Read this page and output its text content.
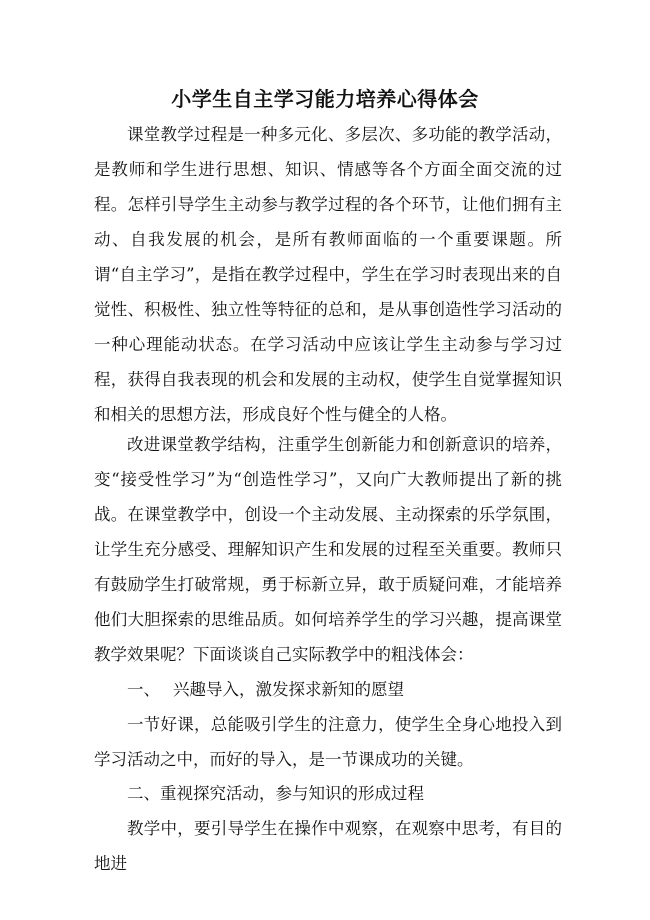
小学生自主学习能力培养心得体会

课堂教学过程是一种多元化、多层次、多功能的教学活动，是教师和学生进行思想、知识、情感等各个方面全面交流的过程。怎样引导学生主动参与教学过程的各个环节，让他们拥有主动、自我发展的机会，是所有教师面临的一个重要课题。所谓“自主学习”，是指在教学过程中，学生在学习时表现出来的自觉性、积极性、独立性等特征的总和，是从事创造性学习活动的一种心理能动状态。在学习活动中应该让学生主动参与学习过程，获得自我表现的机会和发展的主动权，使学生自觉掌握知识和相关的思想方法，形成良好个性与健全的人格。

改进课堂教学结构，注重学生创新能力和创新意识的培养，变“接受性学习”为“创造性学习”，又向广大教师提出了新的挑战。在课堂教学中，创设一个主动发展、主动探索的乐学氛围，让学生充分感受、理解知识产生和发展的过程至关重要。教师只有鼓励学生打破常规，勇于标新立异，敢于质疑问难，才能培养他们大胆探索的思维品质。如何培养学生的学习兴趣，提高课堂教学效果呢？下面谈谈自己实际教学中的粗浅体会：

一、 兴趣导入，激发探求新知的愿望

一节好课，总能吸引学生的注意力，使学生全身心地投入到学习活动之中，而好的导入，是一节课成功的关键。

二、重视探究活动，参与知识的形成过程

教学中，要引导学生在操作中观察，在观察中思考，有目的地进
